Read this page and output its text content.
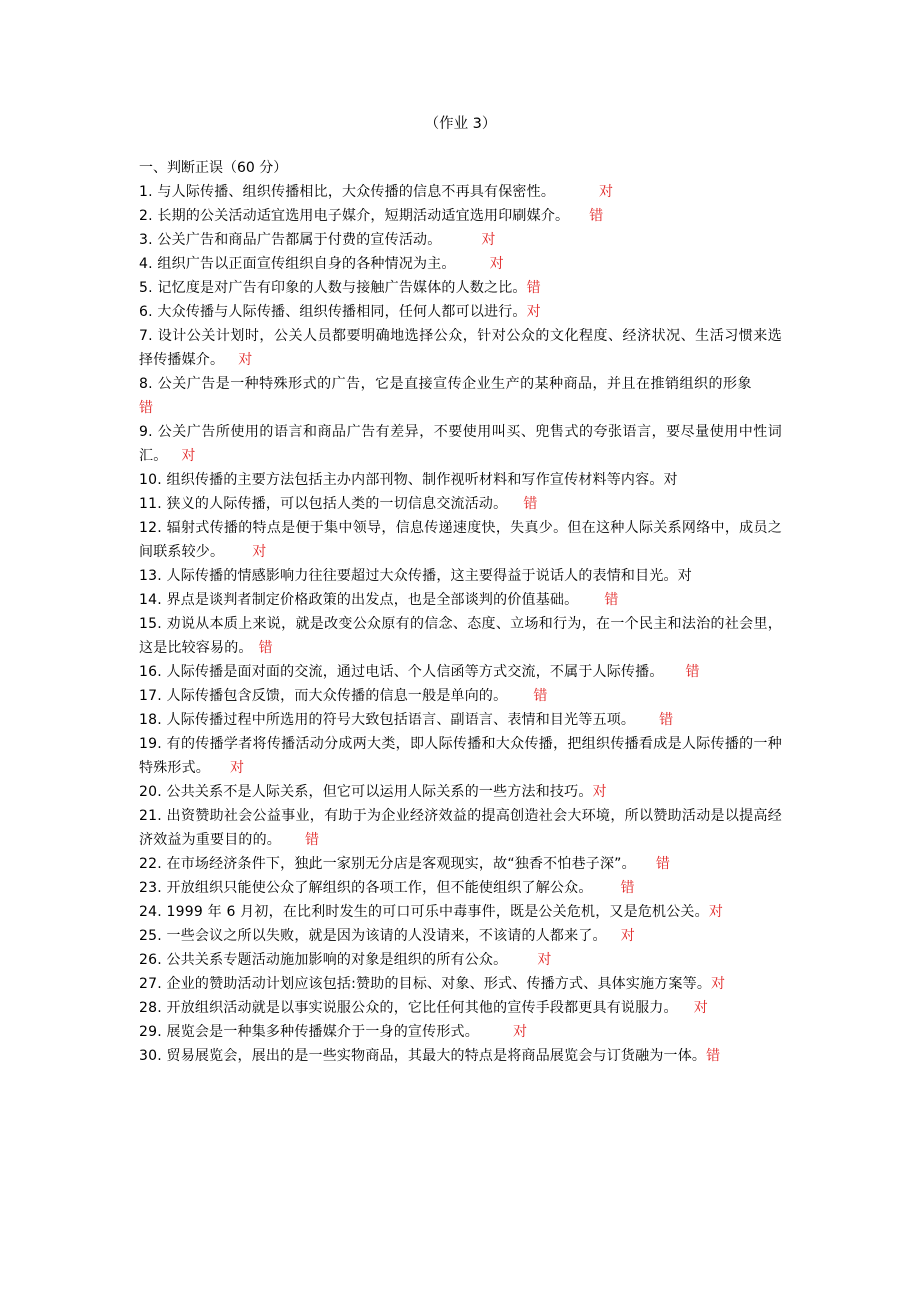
（作业 3）
一、判断正误（60 分）
1. 与人际传播、组织传播相比，大众传播的信息不再具有保密性。	对
2. 长期的公关活动适宜选用电子媒介，短期活动适宜选用印刷媒介。 错
3. 公关广告和商品广告都属于付费的宣传活动。	对
4. 组织广告以正面宣传组织自身的各种情况为主。 对
5. 记忆度是对广告有印象的人数与接触广告媒体的人数之比。错
6. 大众传播与人际传播、组织传播相同，任何人都可以进行。对
7. 设计公关计划时，公关人员都要明确地选择公众，针对公众的文化程度、经济状况、生活习惯来选择传播媒介。 对
8. 公关广告是一种特殊形式的广告，它是直接宣传企业生产的某种商品，并且在推销组织的形象错
9. 公关广告所使用的语言和商品广告有差异，不要使用叫买、兜售式的夸张语言，要尽量使用中性词汇。 对
10. 组织传播的主要方法包括主办内部刊物、制作视听材料和写作宣传材料等内容。对
11. 狭义的人际传播，可以包括人类的一切信息交流活动。 错
12. 辐射式传播的特点是便于集中领导，信息传递速度快，失真少。但在这种人际关系网络中，成员之间联系较少。 对
13. 人际传播的情感影响力往往要超过大众传播，这主要得益于说话人的表情和目光。对
14. 界点是谈判者制定价格政策的出发点，也是全部谈判的价值基础。 错
15. 劝说从本质上来说，就是改变公众原有的信念、态度、立场和行为，在一个民主和法治的社会里，这是比较容易的。 错
16. 人际传播是面对面的交流，通过电话、个人信函等方式交流，不属于人际传播。 错
17. 人际传播包含反馈，而大众传播的信息一般是单向的。 错
18. 人际传播过程中所选用的符号大致包括语言、副语言、表情和目光等五项。 错
19. 有的传播学者将传播活动分成两大类，即人际传播和大众传播，把组织传播看成是人际传播的一种特殊形式。 对
20. 公共关系不是人际关系，但它可以运用人际关系的一些方法和技巧。对
21. 出资赞助社会公益事业，有助于为企业经济效益的提高创造社会大环境，所以赞助活动是以提高经济效益为重要目的的。 错
22. 在市场经济条件下，独此一家别无分店是客观现实，故“独香不怕巷子深”。 错
23. 开放组织只能使公众了解组织的各项工作，但不能使组织了解公众。 错
24. 1999 年 6 月初，在比利时发生的可口可乐中毒事件，既是公关危机，又是危机公关。对
25. 一些会议之所以失败，就是因为该请的人没请来，不该请的人都来了。 对
26. 公共关系专题活动施加影响的对象是组织的所有公众。 对
27. 企业的赞助活动计划应该包括:赞助的目标、对象、形式、传播方式、具体实施方案等。对
28. 开放组织活动就是以事实说服公众的，它比任何其他的宣传手段都更具有说服力。 对
29. 展览会是一种集多种传播媒介于一身的宣传形式。 对
30. 贸易展览会，展出的是一些实物商品，其最大的特点是将商品展览会与订货融为一体。错
